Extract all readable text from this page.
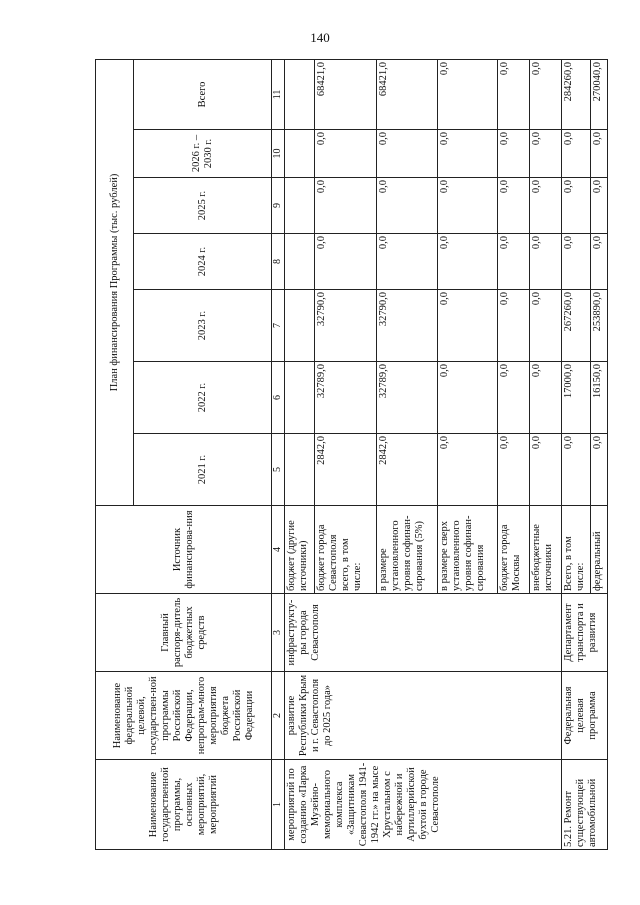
140
Наименование государственной программы, основных мероприятий, мероприятий	Наименование федеральной целевой, государствен-ной программы Российской Федерации, непрограм-много мероприятия бюджета Российской Федерации	Главный распоря-дитель бюджетных средств	Источник финансирова-ния	План финансирования Программы (тыс. рублей)						
				2021 г.	2022 г.	2023 г.	2024 г.	2025 г.	2026 г. – 2030 г.	Всего
1	2	3	4	5	6	7	8	9	10	11
мероприятий по созданию «Парка Музейно-мемориального комплекса «Защитникам Севастополя 1941-1942 гг.» на мысе Хрустальном с набережной и Артиллерийской бухтой в городе Севастополе	развитие Республики Крым и г. Севастополя до 2025 года»	инфраструкту-ры города Севастополя	бюджет (другие источники)							
			бюджет города Севастополя всего, в том числе:	2842,0	32789,0	32790,0	0,0	0,0	0,0	68421,0
			в размере установленного уровня софинан-сирования (5%)	2842,0	32789,0	32790,0	0,0	0,0	0,0	68421,0
			в размере сверх установленного уровня софинан-сирования	0,0	0,0	0,0	0,0	0,0	0,0	0,0
			бюджет города Москвы	0,0	0,0	0,0	0,0	0,0	0,0	0,0
			внебюджетные источники	0,0	0,0	0,0	0,0	0,0	0,0	0,0
5.21. Ремонт существующей автомобильной	Федеральная целевая программа	Департамент транспорта и развития	Всего, в том числе:	0,0	17000,0	267260,0	0,0	0,0	0,0	284260,0
			федеральный	0,0	16150,0	253890,0	0,0	0,0	0,0	270040,0
